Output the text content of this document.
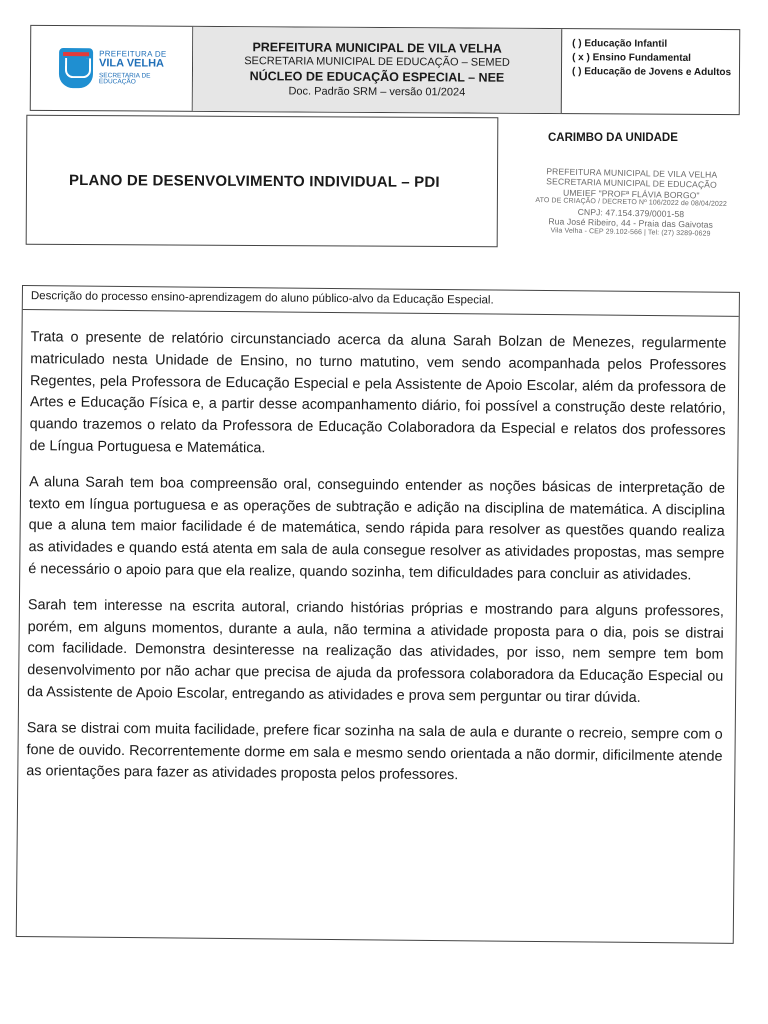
PREFEITURA DE
VILA VELHA
SECRETARIA DE
EDUCAÇÃO
PREFEITURA MUNICIPAL DE VILA VELHA
SECRETARIA MUNICIPAL DE EDUCAÇÃO – SEMED
NÚCLEO DE EDUCAÇÃO ESPECIAL – NEE
Doc. Padrão SRM – versão 01/2024
( ) Educação Infantil
( x ) Ensino Fundamental
( ) Educação de Jovens e Adultos
PLANO DE DESENVOLVIMENTO INDIVIDUAL – PDI
CARIMBO DA UNIDADE
PREFEITURA MUNICIPAL DE VILA VELHA
SECRETARIA MUNICIPAL DE EDUCAÇÃO
UMEIEF "PROFª FLÁVIA BORGO"
ATO DE CRIAÇÃO / DECRETO Nº 106/2022 de 08/04/2022
CNPJ: 47.154.379/0001-58
Rua José Ribeiro, 44 - Praia das Gaivotas
Vila Velha - CEP 29.102-566 | Tel: (27) 3289-0629
Descrição do processo ensino-aprendizagem do aluno público-alvo da Educação Especial.

Trata o presente de relatório circunstanciado acerca da aluna Sarah Bolzan de Menezes, regularmente matriculado nesta Unidade de Ensino, no turno matutino, vem sendo acompanhada pelos Professores Regentes, pela Professora de Educação Especial e pela Assistente de Apoio Escolar, além da professora de Artes e Educação Física e, a partir desse acompanhamento diário, foi possível a construção deste relatório, quando trazemos o relato da Professora de Educação Colaboradora da Especial e relatos dos professores de Língua Portuguesa e Matemática.

A aluna Sarah tem boa compreensão oral, conseguindo entender as noções básicas de interpretação de texto em língua portuguesa e as operações de subtração e adição na disciplina de matemática. A disciplina que a aluna tem maior facilidade é de matemática, sendo rápida para resolver as questões quando realiza as atividades e quando está atenta em sala de aula consegue resolver as atividades propostas, mas sempre é necessário o apoio para que ela realize, quando sozinha, tem dificuldades para concluir as atividades.

Sarah tem interesse na escrita autoral, criando histórias próprias e mostrando para alguns professores, porém, em alguns momentos, durante a aula, não termina a atividade proposta para o dia, pois se distrai com facilidade. Demonstra desinteresse na realização das atividades, por isso, nem sempre tem bom desenvolvimento por não achar que precisa de ajuda da professora colaboradora da Educação Especial ou da Assistente de Apoio Escolar, entregando as atividades e prova sem perguntar ou tirar dúvida.

Sara se distrai com muita facilidade, prefere ficar sozinha na sala de aula e durante o recreio, sempre com o fone de ouvido. Recorrentemente dorme em sala e mesmo sendo orientada a não dormir, dificilmente atende as orientações para fazer as atividades proposta pelos professores.
